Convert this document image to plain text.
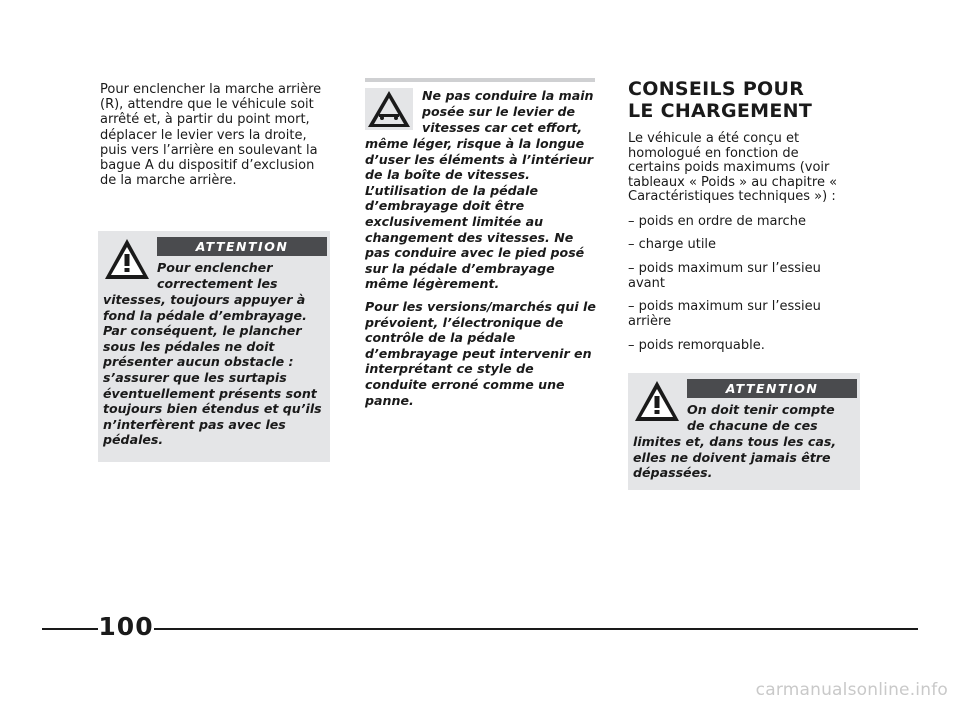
Pour enclencher la marche arrière (R), attendre que le véhicule soit arrêté et, à partir du point mort, déplacer le levier vers la droite, puis vers l’arrière en soulevant la bague A du dispositif d’exclusion de la marche arrière.

ATTENTION

Pour enclencher

correctement les

vitesses, toujours appuyer à fond la pédale d’embrayage. Par conséquent, le plancher sous les pédales ne doit présenter aucun obstacle : s’assurer que les surtapis éventuellement présents sont toujours bien étendus et qu’ils n’interfèrent pas avec les pédales.

Ne pas conduire la main

posée sur le levier de

vitesses car cet effort,

même léger, risque à la longue d’user les éléments à l’intérieur de la boîte de vitesses. L’utilisation de la pédale d’embrayage doit être exclusivement limitée au changement des vitesses. Ne pas conduire avec le pied posé sur la pédale d’embrayage même légèrement.

Pour les versions/marchés qui le prévoient, l’électronique de contrôle de la pédale d’embrayage peut intervenir en interprétant ce style de conduite erroné comme une panne.

CONSEILS POUR

LE CHARGEMENT

Le véhicule a été conçu et homologué en fonction de certains poids maximums (voir tableaux « Poids » au chapitre « Caractéristiques techniques ») :

– poids en ordre de marche

– charge utile

– poids maximum sur l’essieu avant

– poids maximum sur l’essieu arrière

– poids remorquable.

ATTENTION

On doit tenir compte

de chacune de ces

limites et, dans tous les cas, elles ne doivent jamais être dépassées.

100
carmanualsonline.info
